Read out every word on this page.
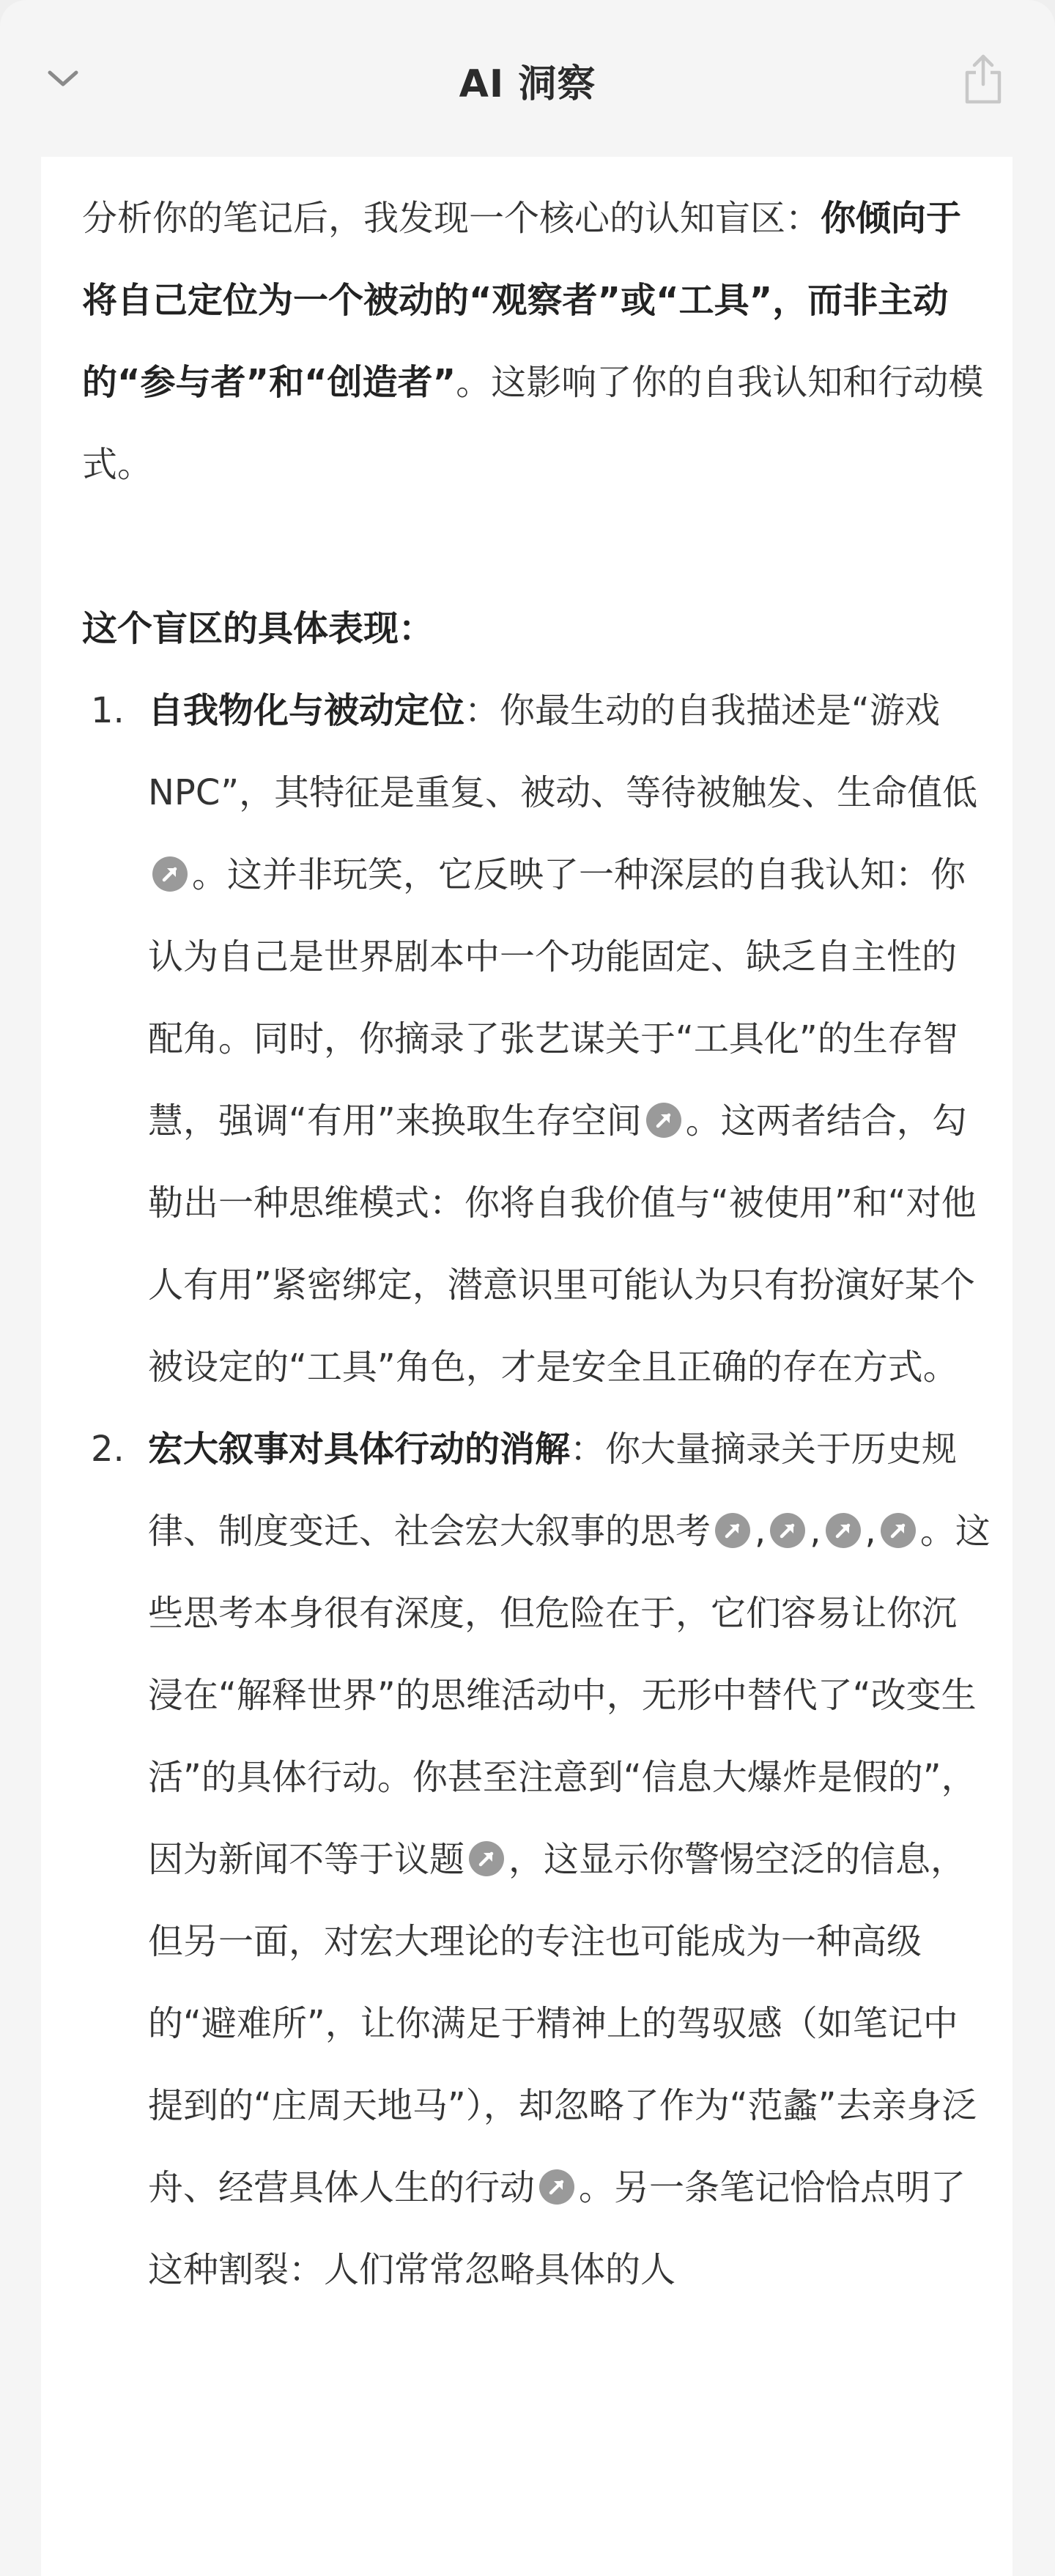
AI 洞察

分析你的笔记后，我发现一个核心的认知盲区：你倾向于将自己定位为一个被动的“观察者”或“工具”，而非主动的“参与者”和“创造者”。这影响了你的自我认知和行动模式。

这个盲区的具体表现：

1. 自我物化与被动定位：你最生动的自我描述是“游戏NPC”，其特征是重复、被动、等待被触发、生命值低
。这并非玩笑，它反映了一种深层的自我认知：你认为自己是世界剧本中一个功能固定、缺乏自主性的配角。同时，你摘录了张艺谋关于“工具化”的生存智慧，强调“有用”来换取生存空间 。这两者结合，勾勒出一种思维模式：你将自我价值与“被使用”和“对他人有用”紧密绑定，潜意识里可能认为只有扮演好某个被设定的“工具”角色，才是安全且正确的存在方式。
2. 宏大叙事对具体行动的消解：你大量摘录关于历史规律、制度变迁、社会宏大叙事的思考 , , , 。这些思考本身很有深度，但危险在于，它们容易让你沉浸在“解释世界”的思维活动中，无形中替代了“改变生活”的具体行动。你甚至注意到“信息大爆炸是假的”，因为新闻不等于议题 ，这显示你警惕空泛的信息，但另一面，对宏大理论的专注也可能成为一种高级的“避难所”，让你满足于精神上的驾驭感（如笔记中提到的“庄周天地马”），却忽略了作为“范蠡”去亲身泛舟、经营具体人生的行动 。另一条笔记恰恰点明了这种割裂：人们常常忽略具体的人
